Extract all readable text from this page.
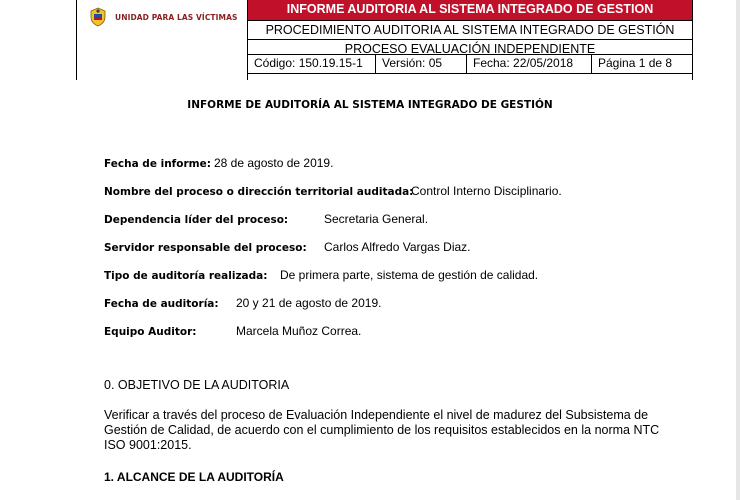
UNIDAD PARA LAS VÍCTIMAS
INFORME AUDITORIA AL SISTEMA INTEGRADO DE GESTION
PROCEDIMIENTO AUDITORIA AL SISTEMA INTEGRADO DE GESTIÓN
PROCESO EVALUACIÓN INDEPENDIENTE
Código: 150.19.15-1	Versión: 05	Fecha: 22/05/2018	Página 1 de 8
INFORME DE AUDITORÍA AL SISTEMA INTEGRADO DE GESTIÓN
Fecha de informe: 28 de agosto de 2019.
Nombre del proceso o dirección territorial auditada:
Control Interno Disciplinario.
Dependencia líder del proceso:	Secretaria General.
Servidor responsable del proceso: Carlos Alfredo Vargas Diaz.
Tipo de auditoría realizada: De primera parte, sistema de gestión de calidad.
Fecha de auditoría: 20 y 21 de agosto de 2019.
Equipo Auditor:	Marcela Muñoz Correa.
0. OBJETIVO DE LA AUDITORIA
Verificar a través del proceso de Evaluación Independiente el nivel de madurez del Subsistema de Gestión de Calidad, de acuerdo con el cumplimiento de los requisitos establecidos en la norma NTC ISO 9001:2015.
1. ALCANCE DE LA AUDITORÍA
